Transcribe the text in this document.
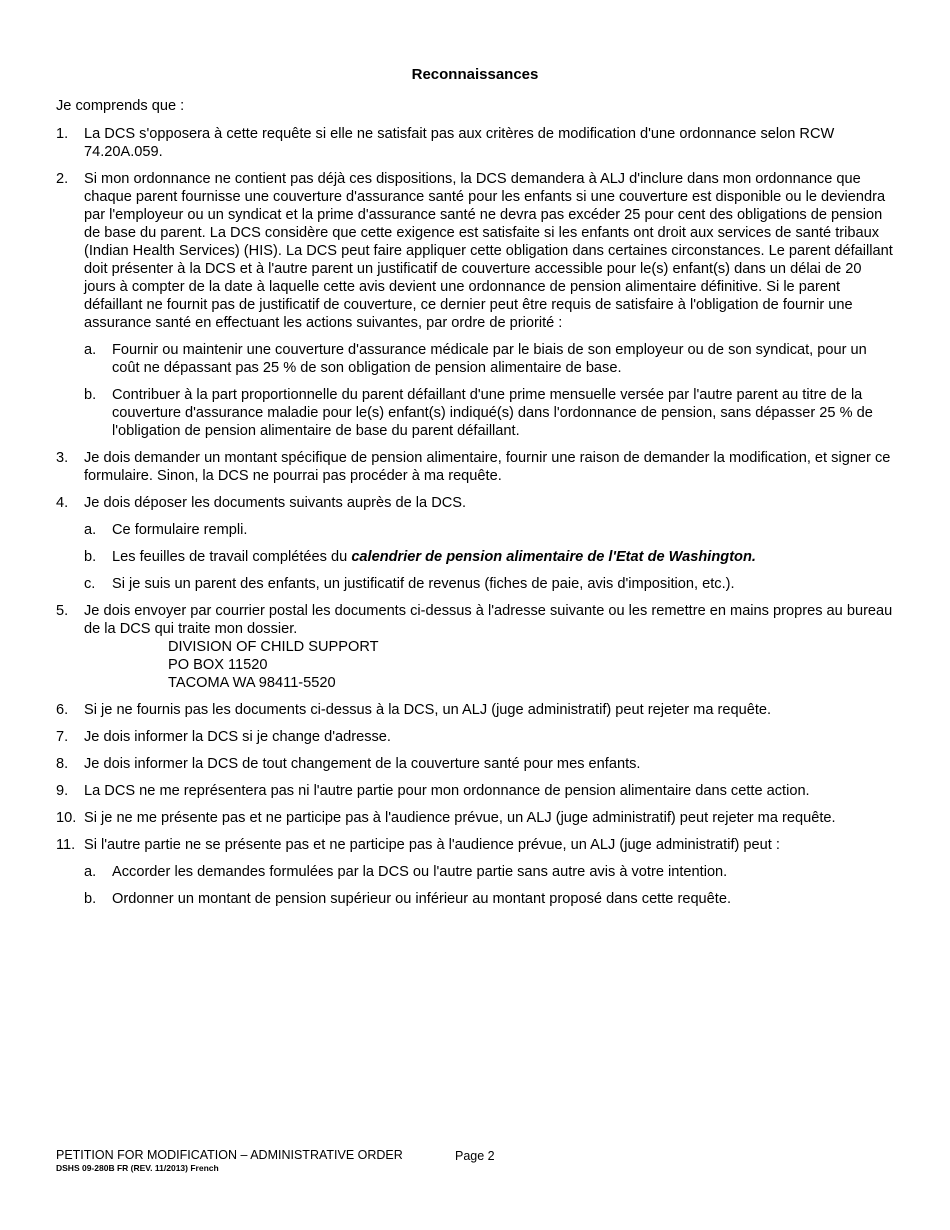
Reconnaissances
Je comprends que :
1. La DCS s'opposera à cette requête si elle ne satisfait pas aux critères de modification d'une ordonnance selon RCW 74.20A.059.
2. Si mon ordonnance ne contient pas déjà ces dispositions, la DCS demandera à ALJ d'inclure dans mon ordonnance que chaque parent fournisse une couverture d'assurance santé pour les enfants si une couverture est disponible ou le deviendra par l'employeur ou un syndicat et la prime d'assurance santé ne devra pas excéder 25 pour cent des obligations de pension de base du parent. La DCS considère que cette exigence est satisfaite si les enfants ont droit aux services de santé tribaux (Indian Health Services) (HIS). La DCS peut faire appliquer cette obligation dans certaines circonstances. Le parent défaillant doit présenter à la DCS et à l'autre parent un justificatif de couverture accessible pour le(s) enfant(s) dans un délai de 20 jours à compter de la date à laquelle cette avis devient une ordonnance de pension alimentaire définitive. Si le parent défaillant ne fournit pas de justificatif de couverture, ce dernier peut être requis de satisfaire à l'obligation de fournir une assurance santé en effectuant les actions suivantes, par ordre de priorité :
a. Fournir ou maintenir une couverture d'assurance médicale par le biais de son employeur ou de son syndicat, pour un coût ne dépassant pas 25 % de son obligation de pension alimentaire de base.
b. Contribuer à la part proportionnelle du parent défaillant d'une prime mensuelle versée par l'autre parent au titre de la couverture d'assurance maladie pour le(s) enfant(s) indiqué(s) dans l'ordonnance de pension, sans dépasser 25 % de l'obligation de pension alimentaire de base du parent défaillant.
3. Je dois demander un montant spécifique de pension alimentaire, fournir une raison de demander la modification, et signer ce formulaire. Sinon, la DCS ne pourrai pas procéder à ma requête.
4. Je dois déposer les documents suivants auprès de la DCS.
a. Ce formulaire rempli.
b. Les feuilles de travail complétées du calendrier de pension alimentaire de l'Etat de Washington.
c. Si je suis un parent des enfants, un justificatif de revenus (fiches de paie, avis d'imposition, etc.).
5. Je dois envoyer par courrier postal les documents ci-dessus à l'adresse suivante ou les remettre en mains propres au bureau de la DCS qui traite mon dossier.
DIVISION OF CHILD SUPPORT
PO BOX 11520
TACOMA WA 98411-5520
6. Si je ne fournis pas les documents ci-dessus à la DCS, un ALJ (juge administratif) peut rejeter ma requête.
7. Je dois informer la DCS si je change d'adresse.
8. Je dois informer la DCS de tout changement de la couverture santé pour mes enfants.
9. La DCS ne me représentera pas ni l'autre partie pour mon ordonnance de pension alimentaire dans cette action.
10. Si je ne me présente pas et ne participe pas à l'audience prévue, un ALJ (juge administratif) peut rejeter ma requête.
11. Si l'autre partie ne se présente pas et ne participe pas à l'audience prévue, un ALJ (juge administratif) peut :
a. Accorder les demandes formulées par la DCS ou l'autre partie sans autre avis à votre intention.
b. Ordonner un montant de pension supérieur ou inférieur au montant proposé dans cette requête.
PETITION FOR MODIFICATION – ADMINISTRATIVE ORDER
DSHS 09-280B FR (REV. 11/2013) French
Page 2
